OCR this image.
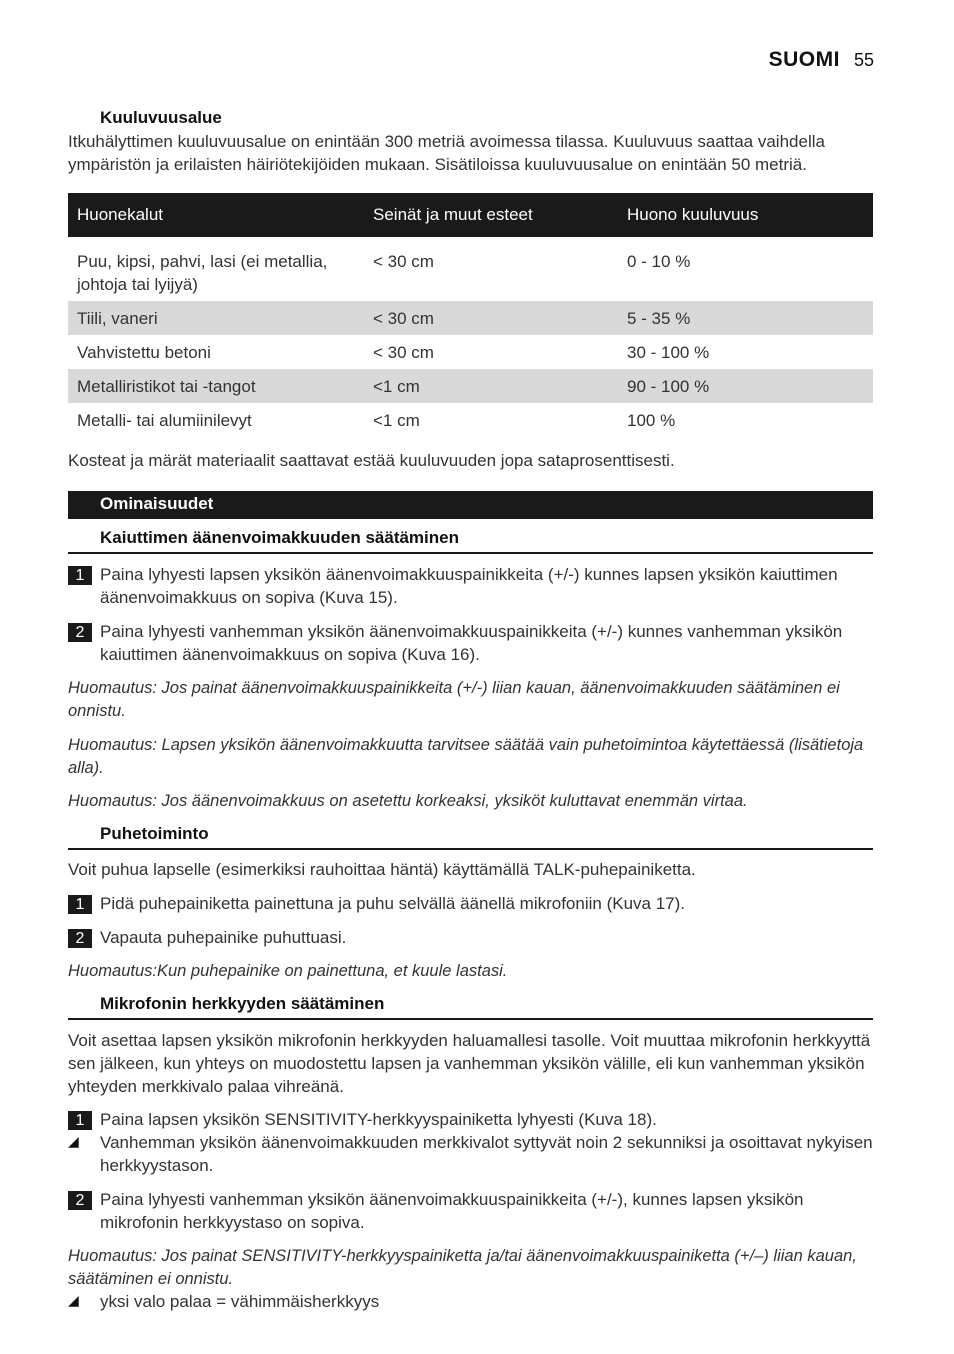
SUOMI 55
Kuuluvuusalue
Itkuhälyttimen kuuluvuusalue on enintään 300 metriä avoimessa tilassa. Kuuluvuus saattaa vaihdella ympäristön ja erilaisten häiriötekijöiden mukaan. Sisätiloissa kuuluvuusalue on enintään 50 metriä.
Huonekalut	Seinät ja muut esteet	Huono kuuluvuus
Puu, kipsi, pahvi, lasi (ei metallia, johtoja tai lyijyä)	< 30 cm	0 - 10 %
Tiili, vaneri	< 30 cm	5 - 35 %
Vahvistettu betoni	< 30 cm	30 - 100 %
Metalliristikot tai -tangot	<1 cm	90 - 100 %
Metalli- tai alumiinilevyt	<1 cm	100 %
Kosteat ja märät materiaalit saattavat estää kuuluvuuden jopa sataprosenttisesti.
Ominaisuudet
Kaiuttimen äänenvoimakkuuden säätäminen
1 Paina lyhyesti lapsen yksikön äänenvoimakkuuspainikkeita (+/-) kunnes lapsen yksikön kaiuttimen äänenvoimakkuus on sopiva (Kuva 15).
2 Paina lyhyesti vanhemman yksikön äänenvoimakkuuspainikkeita (+/-) kunnes vanhemman yksikön kaiuttimen äänenvoimakkuus on sopiva (Kuva 16).
Huomautus: Jos painat äänenvoimakkuuspainikkeita (+/-) liian kauan, äänenvoimakkuuden säätäminen ei onnistu.
Huomautus: Lapsen yksikön äänenvoimakkuutta tarvitsee säätää vain puhetoimintoa käytettäessä (lisätietoja alla).
Huomautus: Jos äänenvoimakkuus on asetettu korkeaksi, yksiköt kuluttavat enemmän virtaa.
Puhetoiminto
Voit puhua lapselle (esimerkiksi rauhoittaa häntä) käyttämällä TALK-puhepainiketta.
1 Pidä puhepainiketta painettuna ja puhu selvällä äänellä mikrofoniin (Kuva 17).
2 Vapauta puhepainike puhuttuasi.
Huomautus:Kun puhepainike on painettuna, et kuule lastasi.
Mikrofonin herkkyyden säätäminen
Voit asettaa lapsen yksikön mikrofonin herkkyyden haluamallesi tasolle. Voit muuttaa mikrofonin herkkyyttä sen jälkeen, kun yhteys on muodostettu lapsen ja vanhemman yksikön välille, eli kun vanhemman yksikön yhteyden merkkivalo palaa vihreänä.
1 Paina lapsen yksikön SENSITIVITY-herkkyyspainiketta lyhyesti (Kuva 18).
◢ Vanhemman yksikön äänenvoimakkuuden merkkivalot syttyvät noin 2 sekunniksi ja osoittavat nykyisen herkkyystason.
2 Paina lyhyesti vanhemman yksikön äänenvoimakkuuspainikkeita (+/-), kunnes lapsen yksikön mikrofonin herkkyystaso on sopiva.
Huomautus: Jos painat SENSITIVITY-herkkyyspainiketta ja/tai äänenvoimakkuuspainiketta (+/–) liian kauan, säätäminen ei onnistu.
◢ yksi valo palaa = vähimmäisherkkyys
